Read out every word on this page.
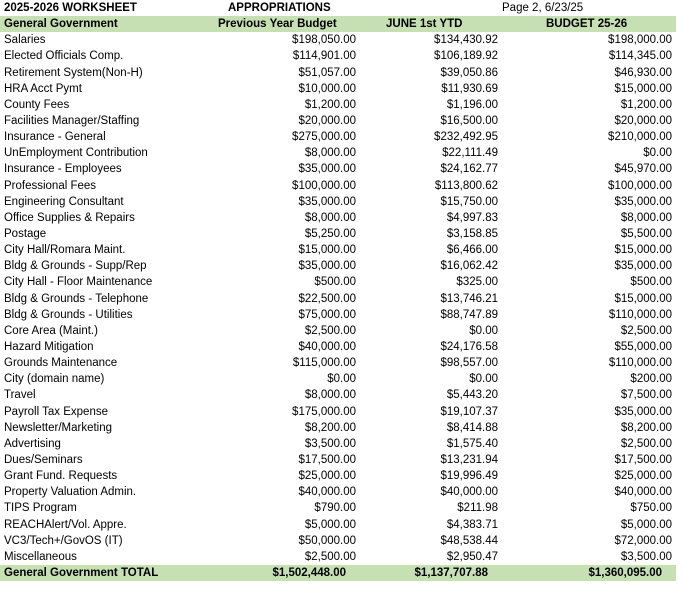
2025-2026 WORKSHEET	APPROPRIATIONS	Page 2, 6/23/25
General Government	Previous Year Budget	JUNE 1st YTD	BUDGET 25-26
Salaries	$198,050.00	$134,430.92	$198,000.00
Elected Officials Comp.	$114,901.00	$106,189.92	$114,345.00
Retirement System(Non-H)	$51,057.00	$39,050.86	$46,930.00
HRA Acct Pymt	$10,000.00	$11,930.69	$15,000.00
County Fees	$1,200.00	$1,196.00	$1,200.00
Facilities Manager/Staffing	$20,000.00	$16,500.00	$20,000.00
Insurance - General	$275,000.00	$232,492.95	$210,000.00
UnEmployment Contribution	$8,000.00	$22,111.49	$0.00
Insurance - Employees	$35,000.00	$24,162.77	$45,970.00
Professional Fees	$100,000.00	$113,800.62	$100,000.00
Engineering Consultant	$35,000.00	$15,750.00	$35,000.00
Office Supplies & Repairs	$8,000.00	$4,997.83	$8,000.00
Postage	$5,250.00	$3,158.85	$5,500.00
City Hall/Romara Maint.	$15,000.00	$6,466.00	$15,000.00
Bldg & Grounds - Supp/Rep	$35,000.00	$16,062.42	$35,000.00
City Hall - Floor Maintenance	$500.00	$325.00	$500.00
Bldg & Grounds - Telephone	$22,500.00	$13,746.21	$15,000.00
Bldg & Grounds - Utilities	$75,000.00	$88,747.89	$110,000.00
Core Area (Maint.)	$2,500.00	$0.00	$2,500.00
Hazard Mitigation	$40,000.00	$24,176.58	$55,000.00
Grounds Maintenance	$115,000.00	$98,557.00	$110,000.00
City (domain name)	$0.00	$0.00	$200.00
Travel	$8,000.00	$5,443.20	$7,500.00
Payroll Tax Expense	$175,000.00	$19,107.37	$35,000.00
Newsletter/Marketing	$8,200.00	$8,414.88	$8,200.00
Advertising	$3,500.00	$1,575.40	$2,500.00
Dues/Seminars	$17,500.00	$13,231.94	$17,500.00
Grant Fund. Requests	$25,000.00	$19,996.49	$25,000.00
Property Valuation Admin.	$40,000.00	$40,000.00	$40,000.00
TIPS Program	$790.00	$211.98	$750.00
REACHAlert/Vol. Appre.	$5,000.00	$4,383.71	$5,000.00
VC3/Tech+/GovOS (IT)	$50,000.00	$48,538.44	$72,000.00
Miscellaneous	$2,500.00	$2,950.47	$3,500.00
General Government TOTAL	$1,502,448.00	$1,137,707.88	$1,360,095.00
